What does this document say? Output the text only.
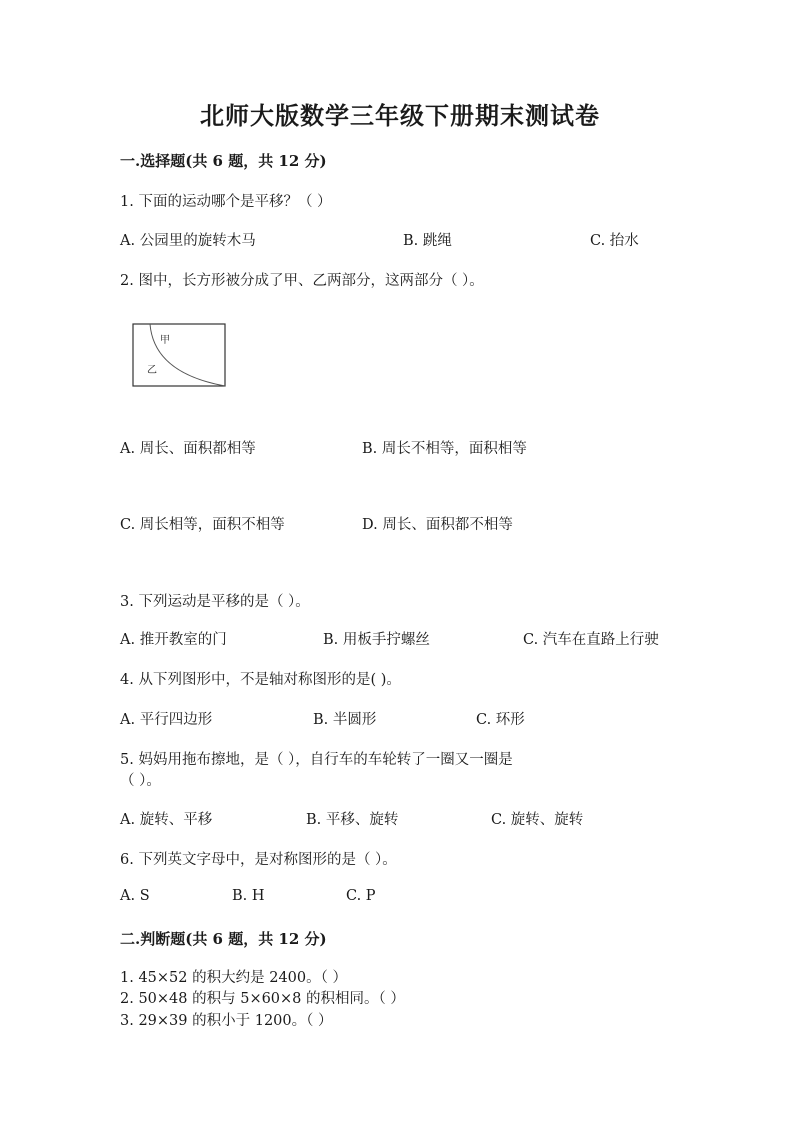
北师大版数学三年级下册期末测试卷
一.选择题(共 6 题，共 12 分)
1. 下面的运动哪个是平移？（ ）
A. 公园里的旋转木马	B. 跳绳	C. 抬水
2. 图中，长方形被分成了甲、乙两部分，这两部分（ ）。
甲
乙
A. 周长、面积都相等	B. 周长不相等，面积相等
C. 周长相等，面积不相等	D. 周长、面积都不相等
3. 下列运动是平移的是（ ）。
A. 推开教室的门	B. 用板手拧螺丝	C. 汽车在直路上行驶
4. 从下列图形中，不是轴对称图形的是( )。
A. 平行四边形	B. 半圆形	C. 环形
5. 妈妈用拖布擦地，是（ ），自行车的车轮转了一圈又一圈是
（ ）。
A. 旋转、平移	B. 平移、旋转	C. 旋转、旋转
6. 下列英文字母中，是对称图形的是（ ）。
A. S	B. H	C. P
二.判断题(共 6 题，共 12 分)
1. 45×52 的积大约是 2400。（ ）
2. 50×48 的积与 5×60×8 的积相同。（ ）
3. 29×39 的积小于 1200。（ ）
